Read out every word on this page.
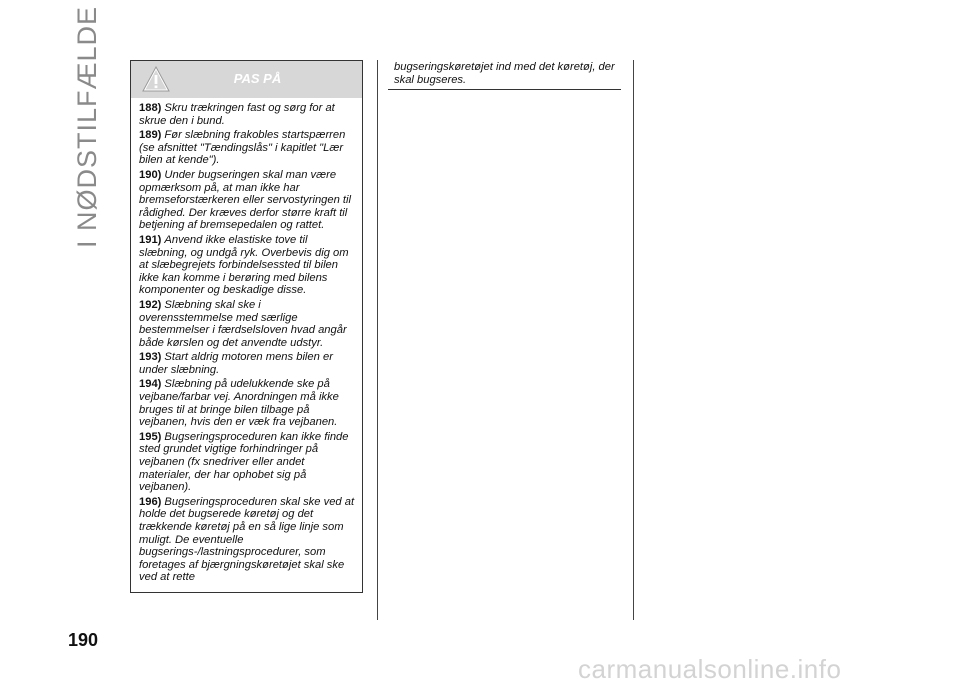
I NØDSTILFÆLDE	PAS PÅ

188) Skru trækringen fast og sørg for at skrue den i bund.

189) Før slæbning frakobles startspærren (se afsnittet "Tændingslås" i kapitlet "Lær bilen at kende").

190) Under bugseringen skal man være opmærksom på, at man ikke har bremseforstærkeren eller servostyringen til rådighed. Der kræves derfor større kraft til betjening af bremsepedalen og rattet.

191) Anvend ikke elastiske tove til slæbning, og undgå ryk. Overbevis dig om at slæbegrejets forbindelsessted til bilen ikke kan komme i berøring med bilens komponenter og beskadige disse.

192) Slæbning skal ske i overensstemmelse med særlige bestemmelser i færdselsloven hvad angår både kørslen og det anvendte udstyr.

193) Start aldrig motoren mens bilen er under slæbning.

194) Slæbning på udelukkende ske på vejbane/farbar vej. Anordningen må ikke bruges til at bringe bilen tilbage på vejbanen, hvis den er væk fra vejbanen.

195) Bugseringsproceduren kan ikke finde sted grundet vigtige forhindringer på vejbanen (fx snedriver eller andet materialer, der har ophobet sig på vejbanen).

196) Bugseringsproceduren skal ske ved at holde det bugserede køretøj og det trækkende køretøj på en så lige linje som muligt. De eventuelle bugserings-/lastningsprocedurer, som foretages af bjærgningskøretøjet skal ske ved at rette

bugseringskøretøjet ind med det køretøj, der skal bugseres.
190
carmanualsonline.info
